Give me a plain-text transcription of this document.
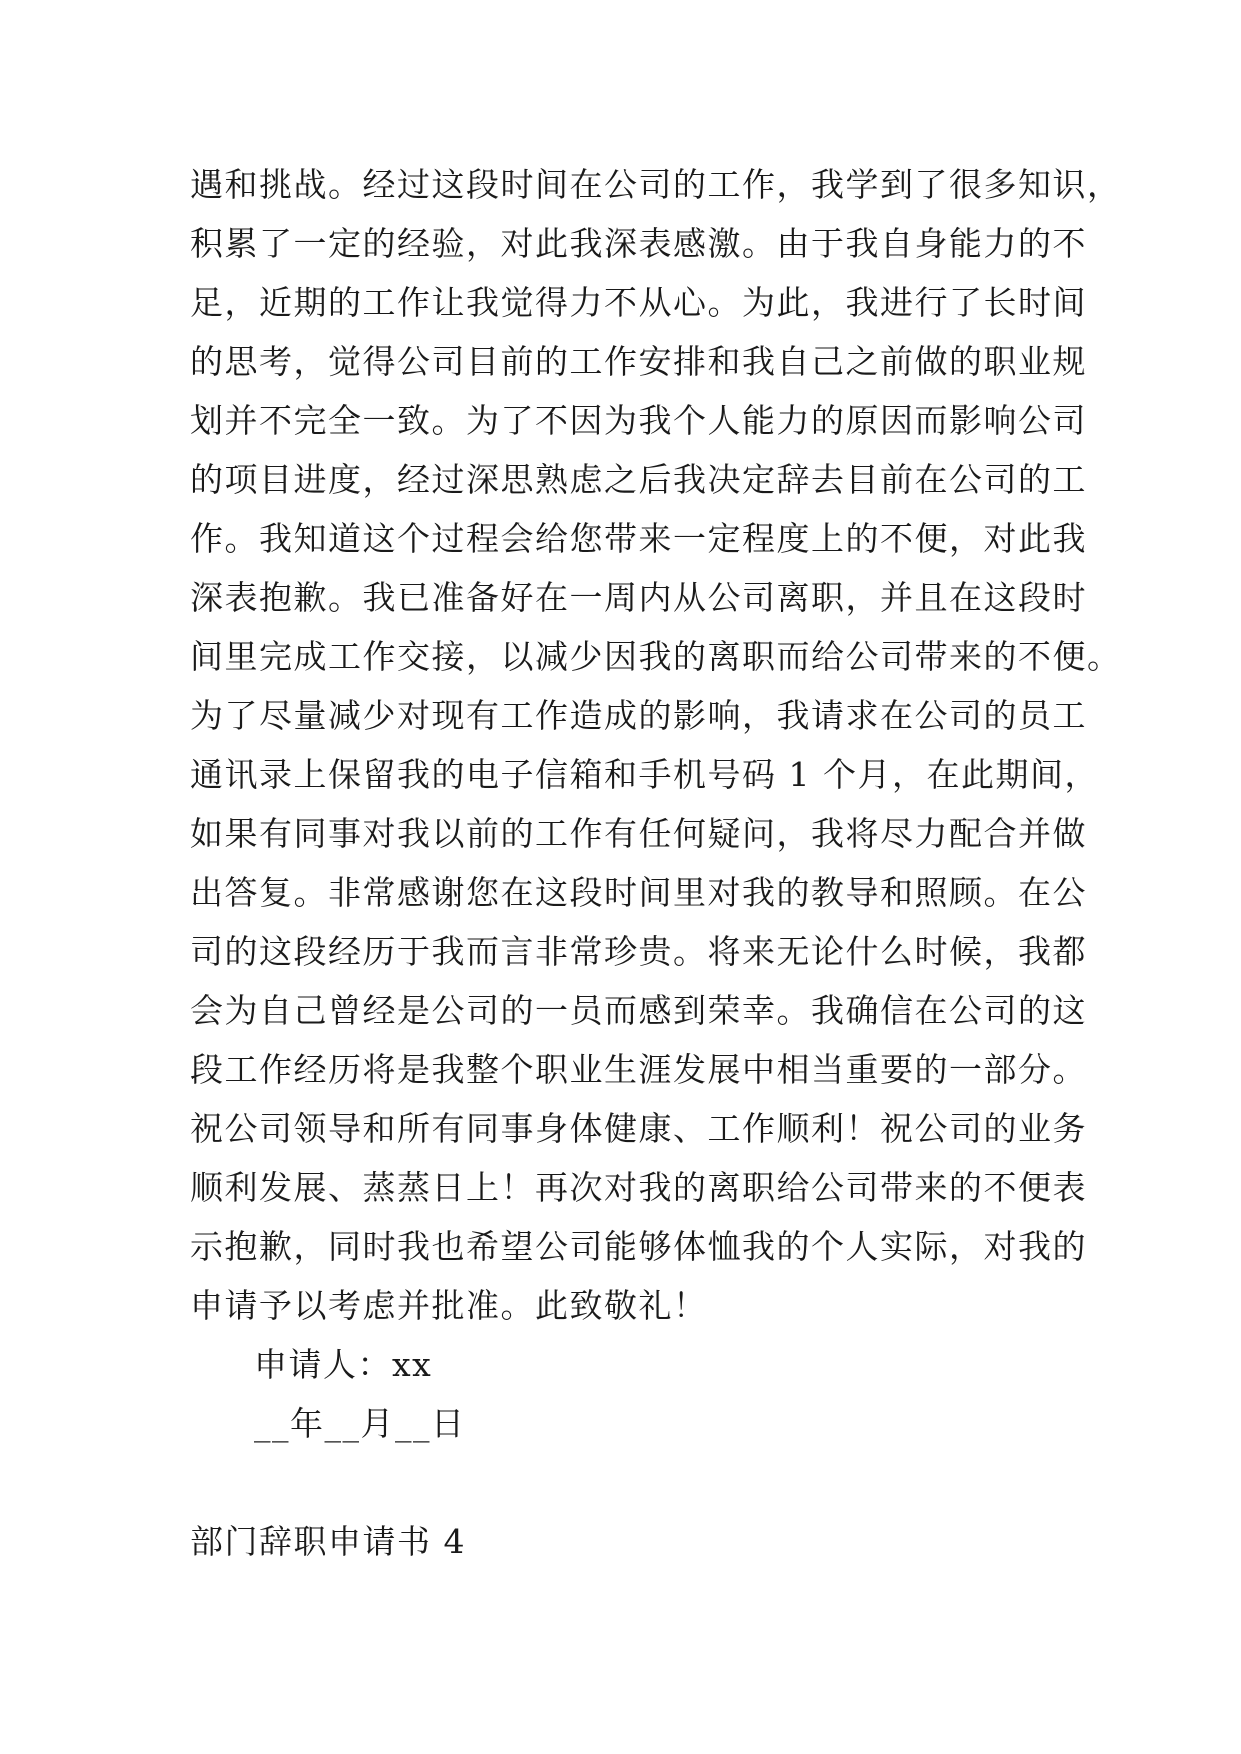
遇和挑战。经过这段时间在公司的工作，我学到了很多知识，
积累了一定的经验，对此我深表感激。由于我自身能力的不
足，近期的工作让我觉得力不从心。为此，我进行了长时间
的思考，觉得公司目前的工作安排和我自己之前做的职业规
划并不完全一致。为了不因为我个人能力的原因而影响公司
的项目进度，经过深思熟虑之后我决定辞去目前在公司的工
作。我知道这个过程会给您带来一定程度上的不便，对此我
深表抱歉。我已准备好在一周内从公司离职，并且在这段时
间里完成工作交接，以减少因我的离职而给公司带来的不便。
为了尽量减少对现有工作造成的影响，我请求在公司的员工
通讯录上保留我的电子信箱和手机号码 1 个月，在此期间，
如果有同事对我以前的工作有任何疑问，我将尽力配合并做
出答复。非常感谢您在这段时间里对我的教导和照顾。在公
司的这段经历于我而言非常珍贵。将来无论什么时候，我都
会为自己曾经是公司的一员而感到荣幸。我确信在公司的这
段工作经历将是我整个职业生涯发展中相当重要的一部分。
祝公司领导和所有同事身体健康、工作顺利！祝公司的业务
顺利发展、蒸蒸日上！再次对我的离职给公司带来的不便表
示抱歉，同时我也希望公司能够体恤我的个人实际，对我的
申请予以考虑并批准。此致敬礼！
申请人：xx
__年__月__日
部门辞职申请书 4
